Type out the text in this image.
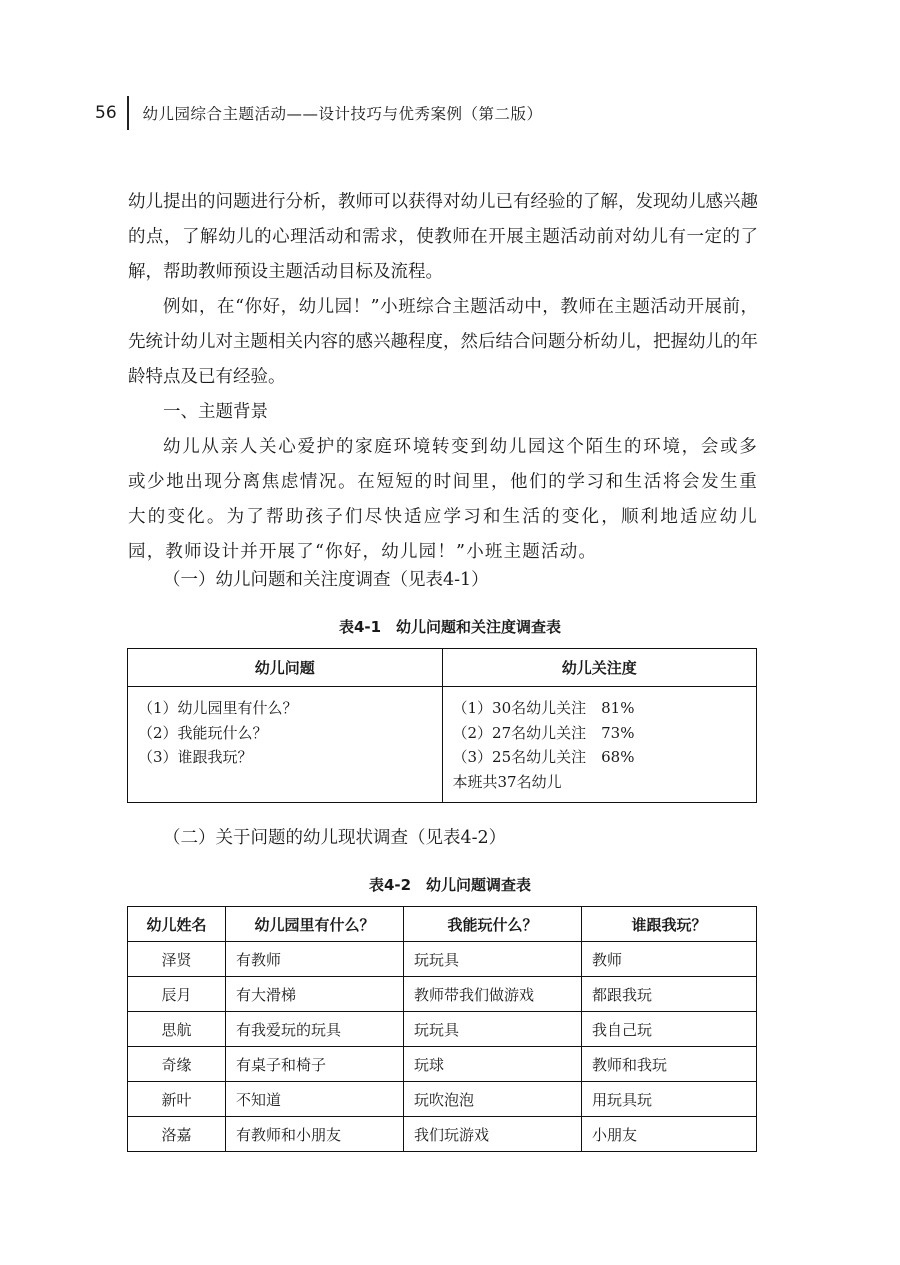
56	幼儿园综合主题活动——设计技巧与优秀案例（第二版）

幼儿提出的问题进行分析，教师可以获得对幼儿已有经验的了解，发现幼儿感兴趣的点，了解幼儿的心理活动和需求，使教师在开展主题活动前对幼儿有一定的了解，帮助教师预设主题活动目标及流程。

例如，在“你好，幼儿园！”小班综合主题活动中，教师在主题活动开展前，先统计幼儿对主题相关内容的感兴趣程度，然后结合问题分析幼儿，把握幼儿的年龄特点及已有经验。

一、主题背景

幼儿从亲人关心爱护的家庭环境转变到幼儿园这个陌生的环境，会或多或少地出现分离焦虑情况。在短短的时间里，他们的学习和生活将会发生重大的变化。为了帮助孩子们尽快适应学习和生活的变化，顺利地适应幼儿园，教师设计并开展了“你好，幼儿园！”小班主题活动。

（一）幼儿问题和关注度调查（见表4-1）

表4-1　幼儿问题和关注度调查表

幼儿问题	幼儿关注度

（1）幼儿园里有什么？
（2）我能玩什么？
（3）谁跟我玩？	（1）30名幼儿关注　81%
（2）27名幼儿关注　73%
（3）25名幼儿关注　68%
本班共37名幼儿

（二）关于问题的幼儿现状调查（见表4-2）

表4-2　幼儿问题调查表

幼儿姓名	幼儿园里有什么？	我能玩什么？	谁跟我玩？
泽贤	有教师	玩玩具	教师
辰月	有大滑梯	教师带我们做游戏	都跟我玩
思航	有我爱玩的玩具	玩玩具	我自己玩
奇缘	有桌子和椅子	玩球	教师和我玩
新叶	不知道	玩吹泡泡	用玩具玩
洛嘉	有教师和小朋友	我们玩游戏	小朋友
